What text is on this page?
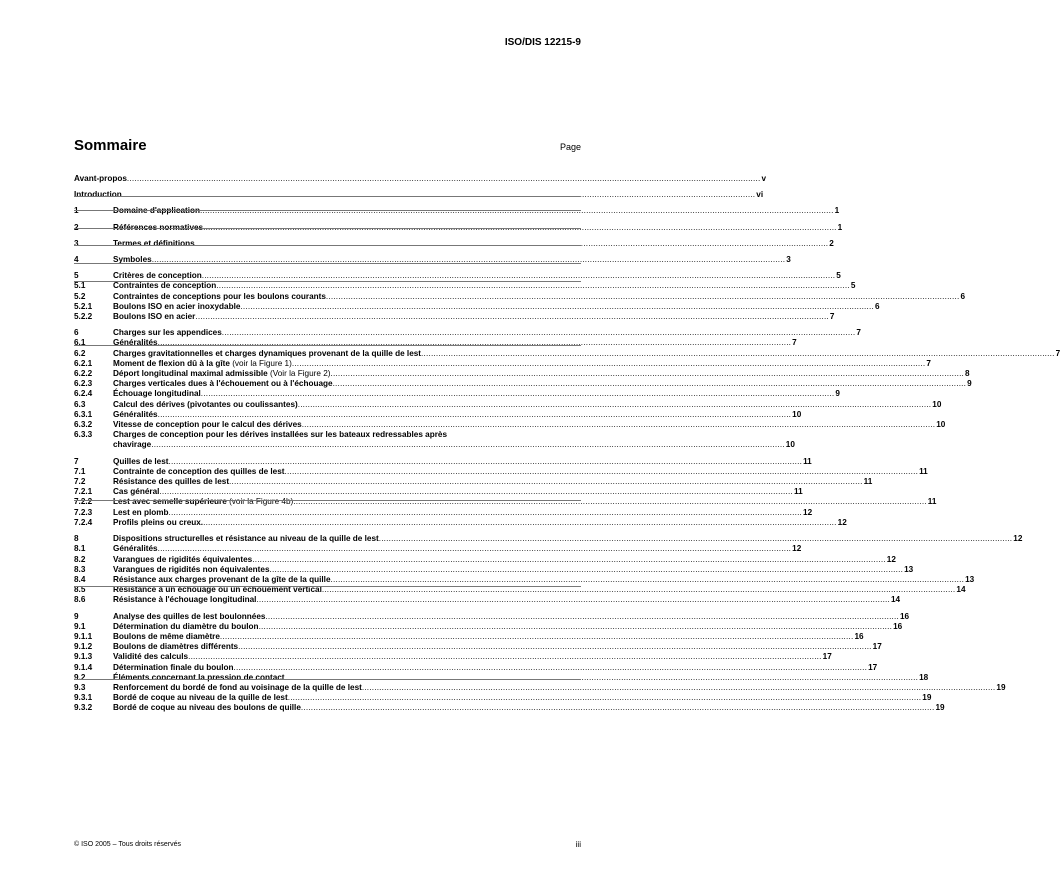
ISO/DIS 12215-9
Sommaire	Page
Avant-propos .....	v
Introduction .....	vi
1	Domaine d'application .....	1
2	Références normatives .....	1
3	Termes et définitions .....	2
4	Symboles .....	3
5	Critères de conception .....	5
5.1	Contraintes de conception .....	5
5.2	Contraintes de conceptions pour les boulons courants .....	6
5.2.1	Boulons ISO en acier inoxydable .....	6
5.2.2	Boulons ISO en acier .....	7
6	Charges sur les appendices .....	7
6.1	Généralités .....	7
6.2	Charges gravitationnelles et charges dynamiques provenant de la quille de lest .....	7
6.2.1	Moment de flexion dû à la gîte (voir la Figure 1) .....	7
6.2.2	Déport longitudinal maximal admissible (Voir la Figure 2) .....	8
6.2.3	Charges verticales dues à l'échouement ou à l'échouage .....	9
6.2.4	Échouage longitudinal .....	9
6.3	Calcul des dérives (pivotantes ou coulissantes) .....	10
6.3.1	Généralités .....	10
6.3.2	Vitesse de conception pour le calcul des dérives .....	10
6.3.3	Charges de conception pour les dérives installées sur les bateaux redressables après
chavirage .....	10
7	Quilles de lest .....	11
7.1	Contrainte de conception des quilles de lest .....	11
7.2	Résistance des quilles de lest .....	11
7.2.1	Cas général .....	11
7.2.2	Lest avec semelle supérieure (voir la Figure 4b) .....	11
7.2.3	Lest en plomb .....	12
7.2.4	Profils pleins ou creux. .....	12
8	Dispositions structurelles et résistance au niveau de la quille de lest .....	12
8.1	Généralités .....	12
8.2	Varangues de rigidités équivalentes .....	12
8.3	Varangues de rigidités non équivalentes .....	13
8.4	Résistance aux charges provenant de la gîte de la quille .....	13
8.5	Résistance à un échouage ou un échouement vertical .....	14
8.6	Résistance à l'échouage longitudinal .....	14
9	Analyse des quilles de lest boulonnées .....	16
9.1	Détermination du diamètre du boulon .....	16
9.1.1	Boulons de même diamètre .....	16
9.1.2	Boulons de diamètres différents .....	17
9.1.3	Validité des calculs .....	17
9.1.4	Détermination finale du boulon .....	17
9.2	Éléments concernant la pression de contact .....	18
9.3	Renforcement du bordé de fond au voisinage de la quille de lest .....	19
9.3.1	Bordé de coque au niveau de la quille de lest .....	19
9.3.2	Bordé de coque au niveau des boulons de quille .....	19
© ISO 2005 – Tous droits réservés	iii
